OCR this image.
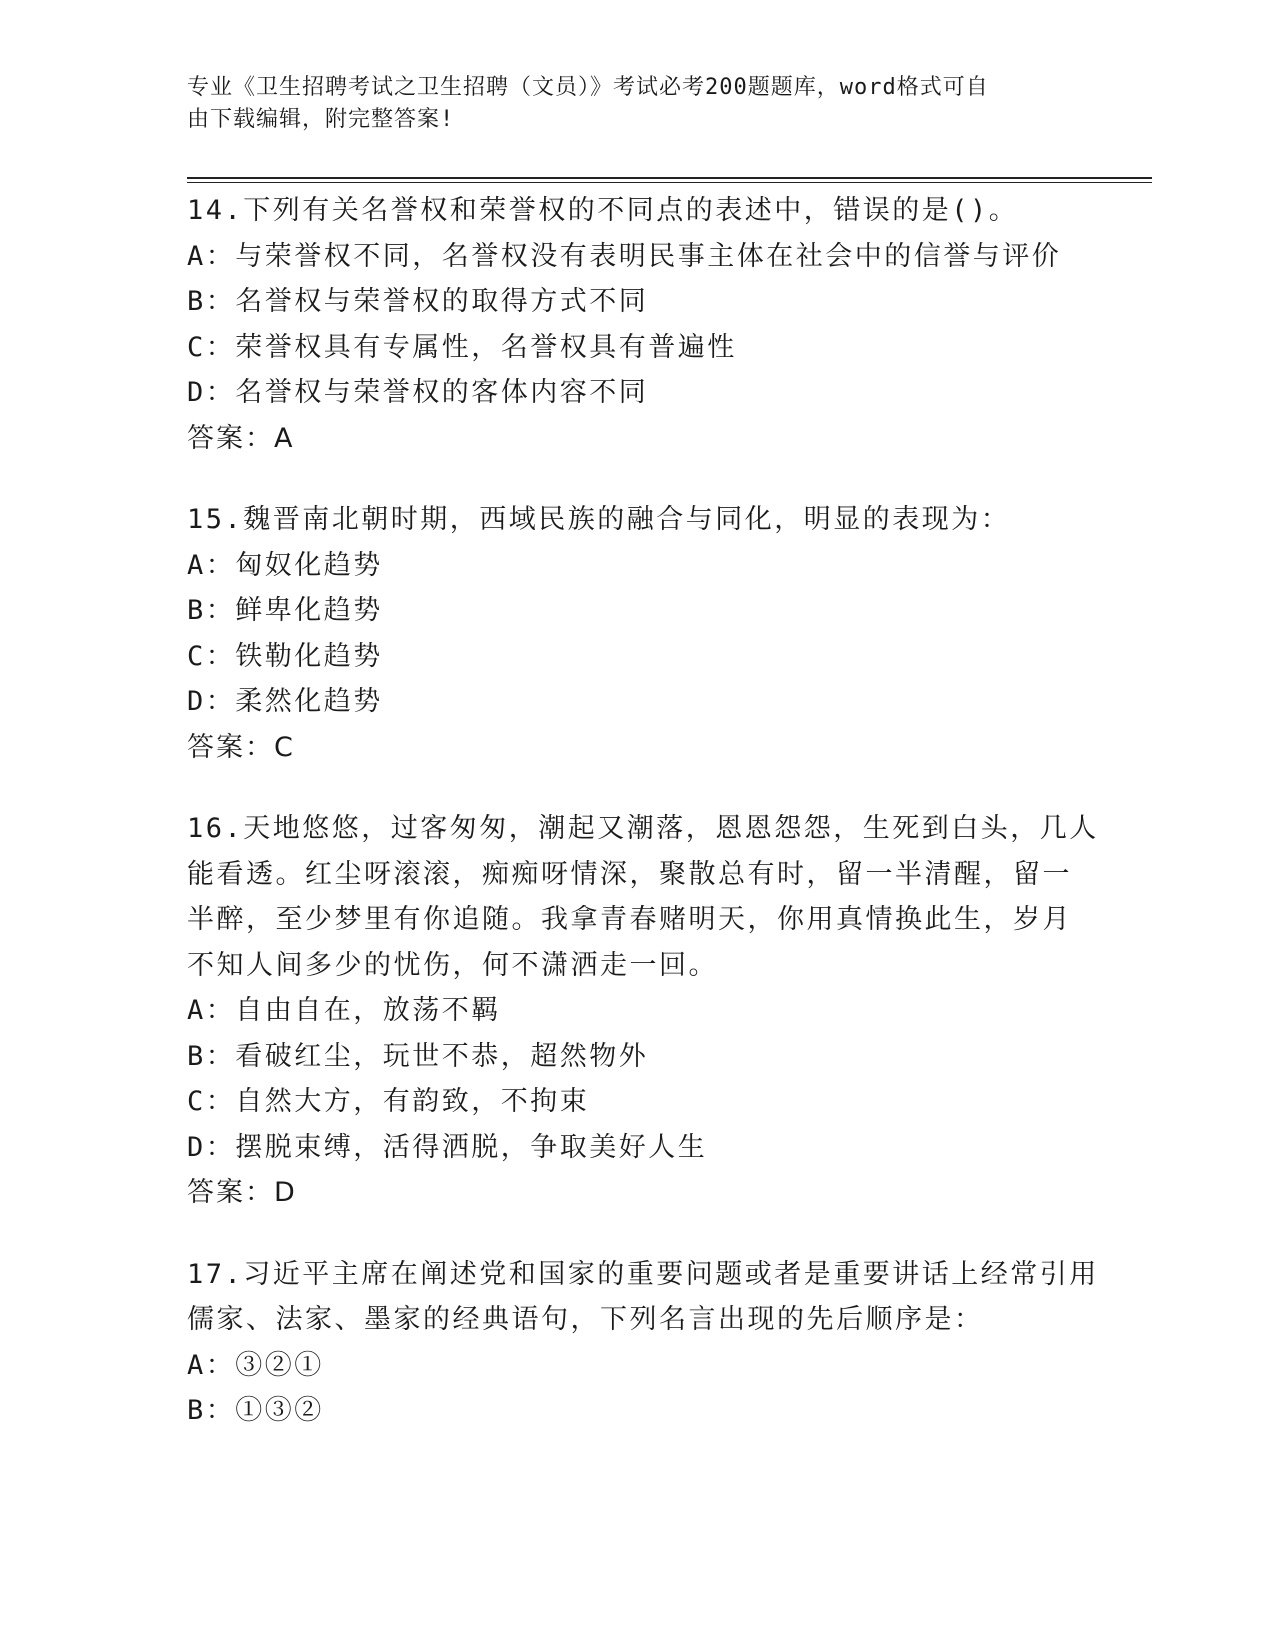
专业《卫生招聘考试之卫生招聘（文员）》考试必考200题题库，word格式可自
由下载编辑，附完整答案!
14.下列有关名誉权和荣誉权的不同点的表述中，错误的是()。
A：与荣誉权不同，名誉权没有表明民事主体在社会中的信誉与评价
B：名誉权与荣誉权的取得方式不同
C：荣誉权具有专属性，名誉权具有普遍性
D：名誉权与荣誉权的客体内容不同
答案：A
15.魏晋南北朝时期，西域民族的融合与同化，明显的表现为：
A：匈奴化趋势
B：鲜卑化趋势
C：铁勒化趋势
D：柔然化趋势
答案：C
16.天地悠悠，过客匆匆，潮起又潮落，恩恩怨怨，生死到白头，几人
能看透。红尘呀滚滚，痴痴呀情深，聚散总有时，留一半清醒，留一
半醉，至少梦里有你追随。我拿青春赌明天，你用真情换此生，岁月
不知人间多少的忧伤，何不潇洒走一回。
A：自由自在，放荡不羁
B：看破红尘，玩世不恭，超然物外
C：自然大方，有韵致，不拘束
D：摆脱束缚，活得洒脱，争取美好人生
答案：D
17.习近平主席在阐述党和国家的重要问题或者是重要讲话上经常引用
儒家、法家、墨家的经典语句，下列名言出现的先后顺序是：
A：③②①
B：①③②
